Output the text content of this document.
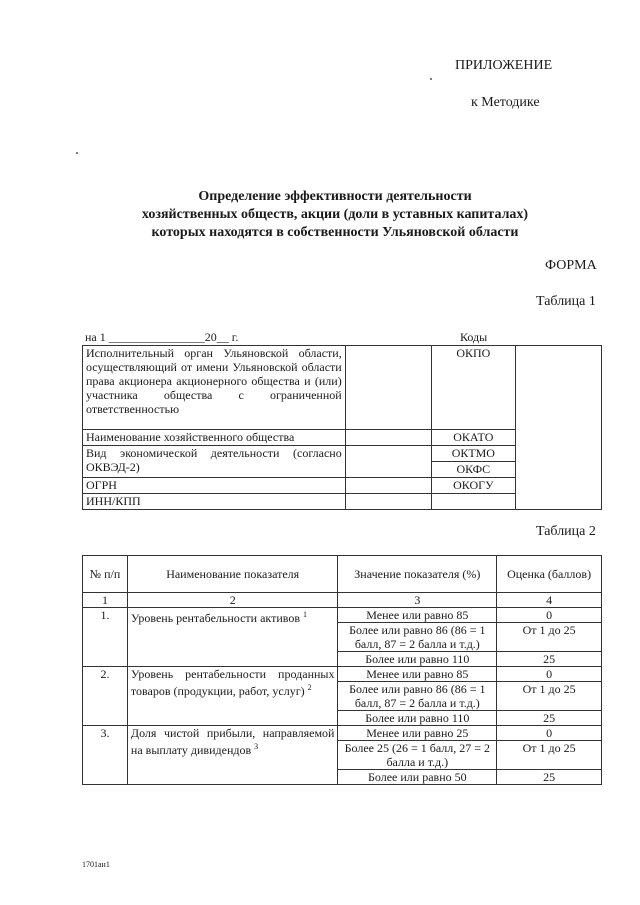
ПРИЛОЖЕНИЕ
к Методике
Определение эффективности деятельности
хозяйственных обществ, акции (доли в уставных капиталах)
которых находятся в собственности Ульяновской области
ФОРМА
Таблица 1
на 1 ________________20__ г.	Коды
Исполнительный орган Ульяновской области, осуществляющий от имени Ульяновской области права акционера акционерного общества и (или) участника общества с ограниченной ответственностью		ОКПО	
Наименование хозяйственного общества		ОКАТО	
Вид экономической деятельности (согласно ОКВЭД-2)		ОКТМО	
		ОКФС	
ОГРН		ОКОГУ	
ИНН/КПП			
Таблица 2
№ п/п	Наименование показателя	Значение показателя (%)	Оценка (баллов)
1	2	3	4
1.	Уровень рентабельности активов $^1$	Менее или равно 85	0
		Более или равно 86 (86 = 1 балл, 87 = 2 балла и т.д.)	От 1 до 25
		Более или равно 110	25
2.	Уровень рентабельности проданных товаров (продукции, работ, услуг) $^2$	Менее или равно 85	0
		Более или равно 86 (86 = 1 балл, 87 = 2 балла и т.д.)	От 1 до 25
		Более или равно 110	25
3.	Доля чистой прибыли, направляемой на выплату дивидендов $^3$	Менее или равно 25	0
		Более 25 (26 = 1 балл, 27 = 2 балла и т.д.)	От 1 до 25
		Более или равно 50	25
1701ан1
